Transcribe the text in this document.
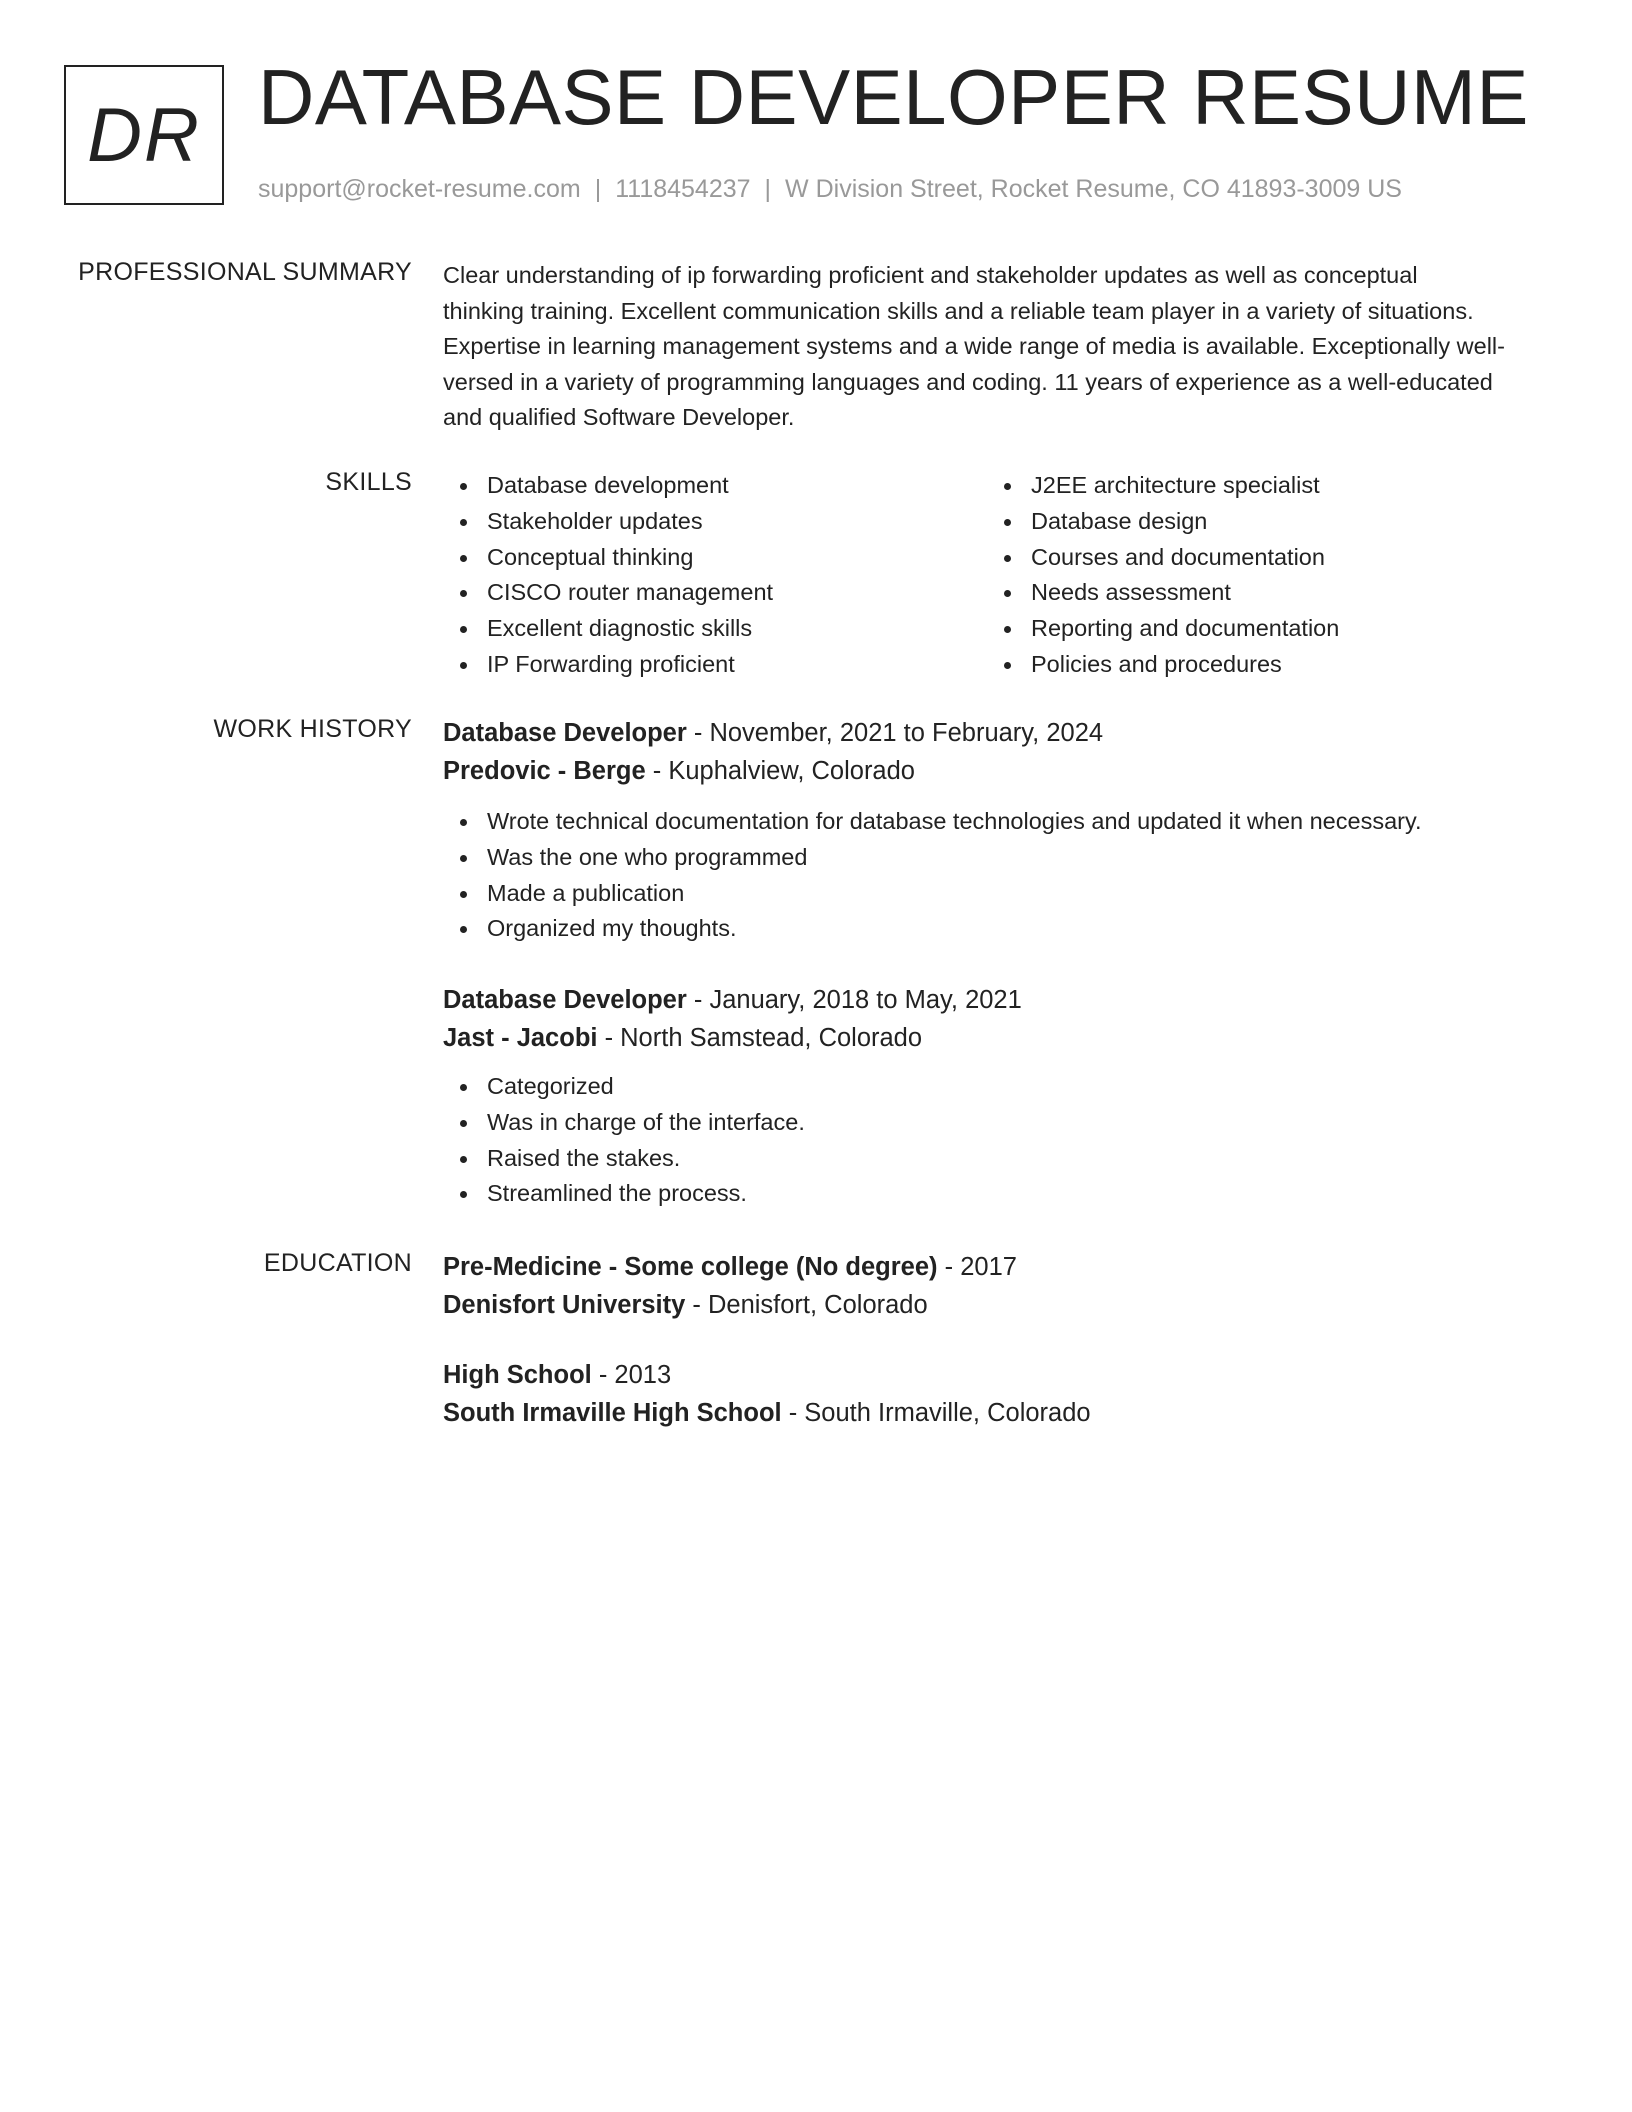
DR DATABASE DEVELOPER RESUME
support@rocket-resume.com | 1118454237 | W Division Street, Rocket Resume, CO 41893-3009 US
PROFESSIONAL SUMMARY Clear understanding of ip forwarding proficient and stakeholder updates as well as conceptual
thinking training. Excellent communication skills and a reliable team player in a variety of situations.
Expertise in learning management systems and a wide range of media is available. Exceptionally well-
versed in a variety of programming languages and coding. 11 years of experience as a well-educated
and qualified Software Developer.
SKILLS	Database development
Stakeholder updates
Conceptual thinking
CISCO router management
Excellent diagnostic skills
IP Forwarding proficient
J2EE architecture specialist
Database design
Courses and documentation
Needs assessment
Reporting and documentation
Policies and procedures
WORK HISTORY Database Developer - November, 2021 to February, 2024
Predovic - Berge - Kuphalview, Colorado
Wrote technical documentation for database technologies and updated it when necessary.
Was the one who programmed
Made a publication
Organized my thoughts.
Database Developer - January, 2018 to May, 2021
Jast - Jacobi - North Samstead, Colorado
Categorized
Was in charge of the interface.
Raised the stakes.
Streamlined the process.
EDUCATION Pre-Medicine - Some college (No degree) - 2017
Denisfort University - Denisfort, Colorado
High School - 2013
South Irmaville High School - South Irmaville, Colorado
